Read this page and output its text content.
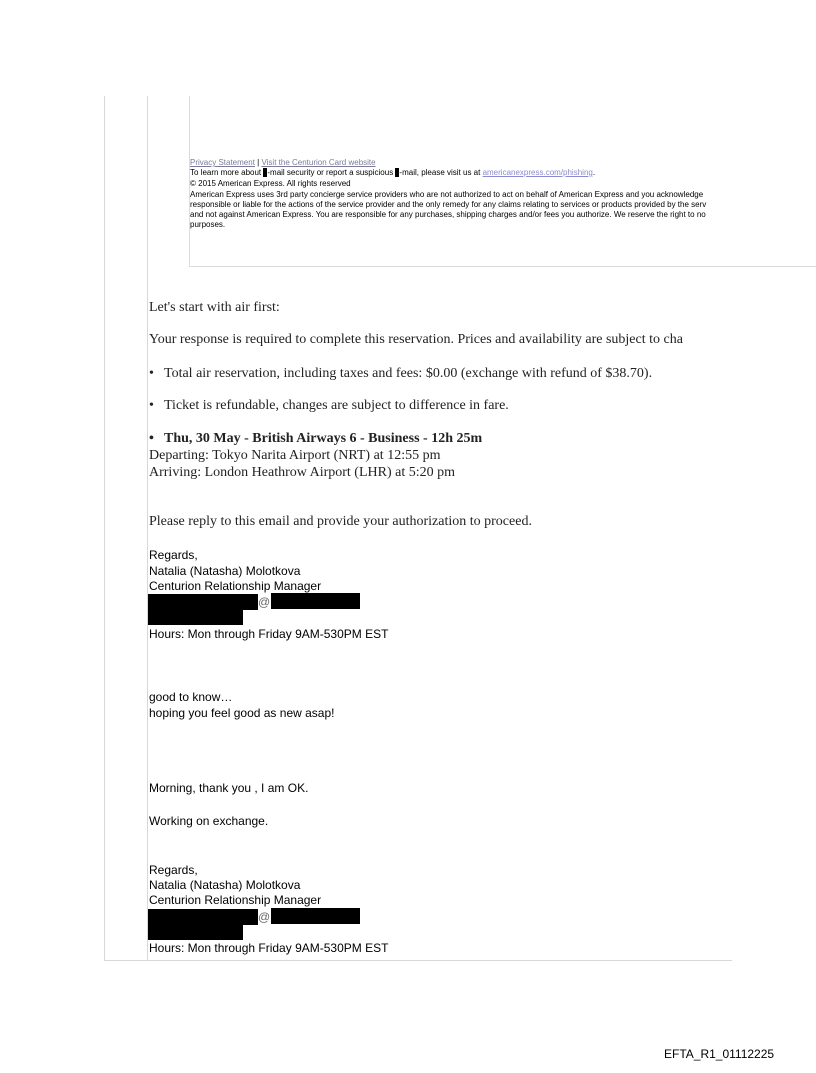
Privacy Statement | Visit the Centurion Card website
To learn more about -mail security or report a suspicious -mail, please visit us at americanexpress.com/phishing.
© 2015 American Express. All rights reserved
American Express uses 3rd party concierge service providers who are not authorized to act on behalf of American Express and you acknowledge
responsible or liable for the actions of the service provider and the only remedy for any claims relating to services or products provided by the serv
and not against American Express. You are responsible for any purchases, shipping charges and/or fees you authorize. We reserve the right to no
purposes.
Let's start with air first:
Your response is required to complete this reservation. Prices and availability are subject to cha
• Total air reservation, including taxes and fees: $0.00 (exchange with refund of $38.70).
• Ticket is refundable, changes are subject to difference in fare.
• Thu, 30 May - British Airways 6 - Business - 12h 25m
Departing: Tokyo Narita Airport (NRT) at 12:55 pm
Arriving: London Heathrow Airport (LHR) at 5:20 pm
Please reply to this email and provide your authorization to proceed.
Regards,
Natalia (Natasha) Molotkova
Centurion Relationship Manager
@
Hours: Mon through Friday 9AM-530PM EST
good to know…
hoping you feel good as new asap!
Morning, thank you , I am OK.
Working on exchange.
Regards,
Natalia (Natasha) Molotkova
Centurion Relationship Manager
@
Hours: Mon through Friday 9AM-530PM EST
EFTA_R1_01112225
